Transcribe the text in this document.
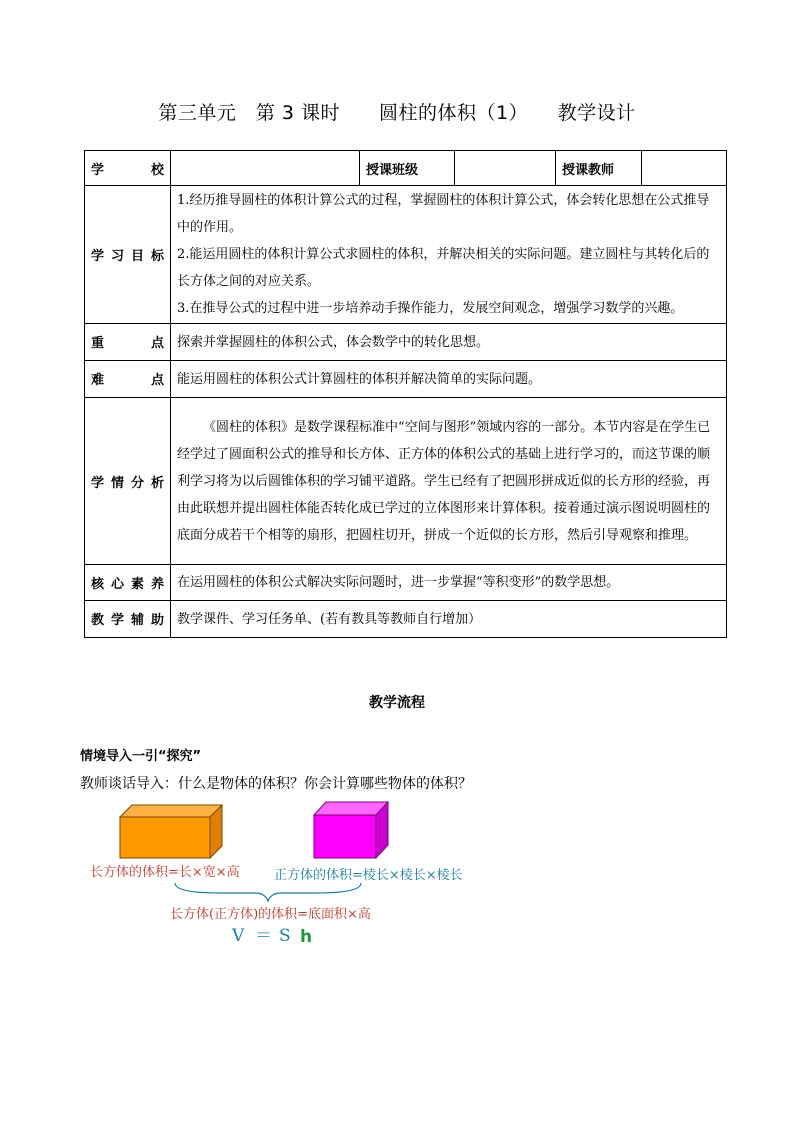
第三单元　第 3 课时　　圆柱的体积（1）　　教学设计
学　　校		授课班级		授课教师	
学习目标	1.经历推导圆柱的体积计算公式的过程，掌握圆柱的体积计算公式，体会转化思想在公式推导中的作用。
2.能运用圆柱的体积计算公式求圆柱的体积，并解决相关的实际问题。建立圆柱与其转化后的长方体之间的对应关系。
3.在推导公式的过程中进一步培养动手操作能力，发展空间观念，增强学习数学的兴趣。				

重　　点	探索并掌握圆柱的体积公式，体会数学中的转化思想。				
难　　点	能运用圆柱的体积公式计算圆柱的体积并解决简单的实际问题。				
学情分析	《圆柱的体积》是数学课程标准中“空间与图形”领域内容的一部分。本节内容是在学生已经学过了圆面积公式的推导和长方体、正方体的体积公式的基础上进行学习的，而这节课的顺利学习将为以后圆锥体积的学习铺平道路。学生已经有了把圆形拼成近似的长方形的经验，再由此联想并提出圆柱体能否转化成已学过的立体图形来计算体积。接着通过演示图说明圆柱的底面分成若干个相等的扇形，把圆柱切开，拼成一个近似的长方形，然后引导观察和推理。				
核心素养	在运用圆柱的体积公式解决实际问题时，进一步掌握“等积变形”的数学思想。				
教学辅助	教学课件、学习任务单、(若有教具等教师自行增加）				
教学流程
情境导入一引“探究”
教师谈话导入：什么是物体的体积？你会计算哪些物体的体积？
长方体的体积=长×宽×高	正方体的体积=棱长×棱长×棱长
长方体(正方体)的体积=底面积×高
V ＝ S h
